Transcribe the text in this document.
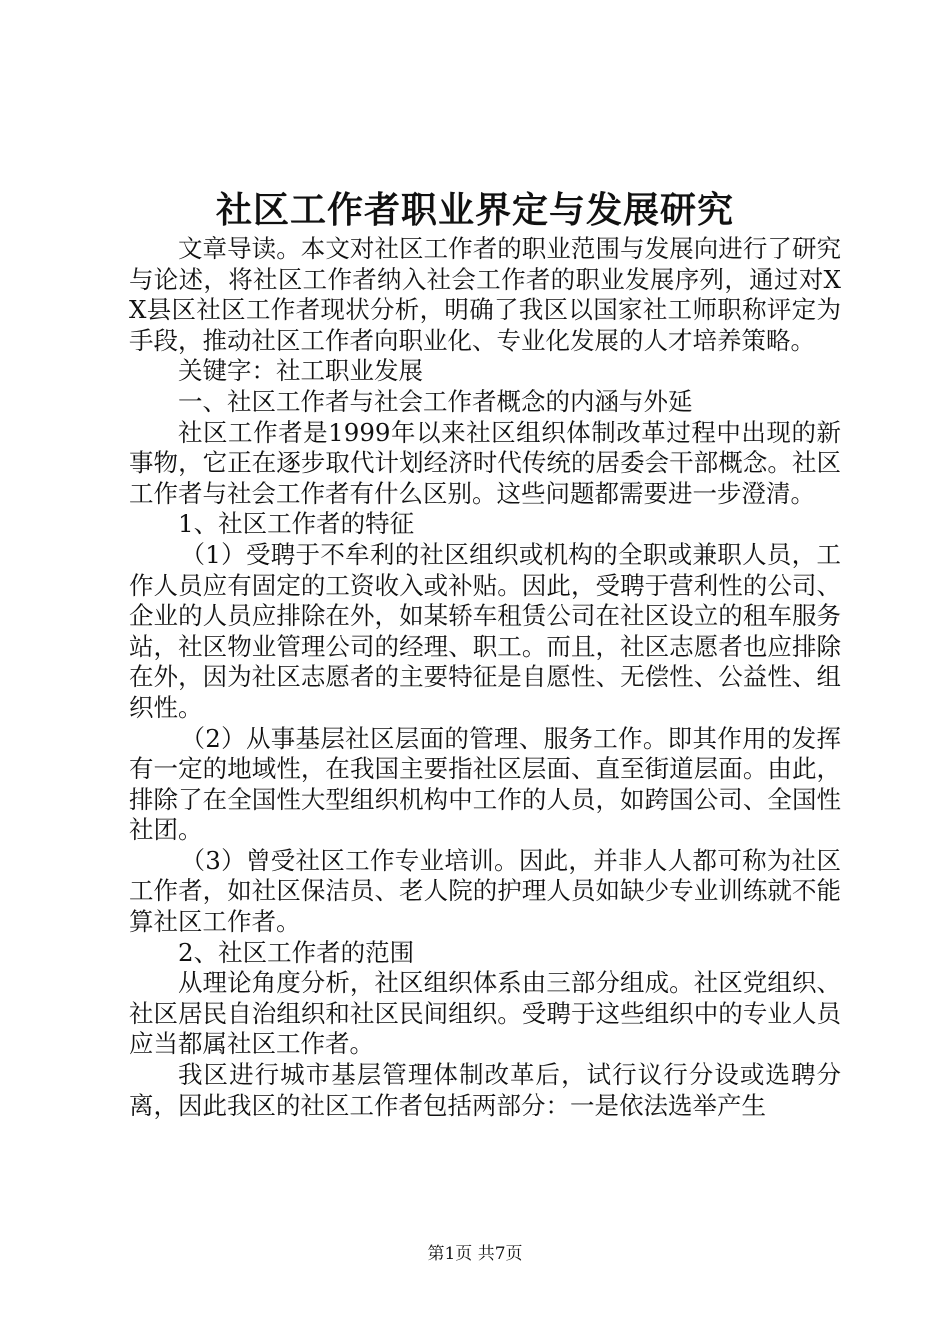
社区工作者职业界定与发展研究

文章导读。本文对社区工作者的职业范围与发展向进行了研究与论述，将社区工作者纳入社会工作者的职业发展序列，通过对XX县区社区工作者现状分析，明确了我区以国家社工师职称评定为手段，推动社区工作者向职业化、专业化发展的人才培养策略。

关键字：社工职业发展

一、社区工作者与社会工作者概念的内涵与外延

社区工作者是1999年以来社区组织体制改革过程中出现的新事物，它正在逐步取代计划经济时代传统的居委会干部概念。社区工作者与社会工作者有什么区别。这些问题都需要进一步澄清。

1、社区工作者的特征

（1）受聘于不牟利的社区组织或机构的全职或兼职人员，工作人员应有固定的工资收入或补贴。因此，受聘于营利性的公司、企业的人员应排除在外，如某轿车租赁公司在社区设立的租车服务站，社区物业管理公司的经理、职工。而且，社区志愿者也应排除在外，因为社区志愿者的主要特征是自愿性、无偿性、公益性、组织性。

（2）从事基层社区层面的管理、服务工作。即其作用的发挥有一定的地域性，在我国主要指社区层面、直至街道层面。由此，排除了在全国性大型组织机构中工作的人员，如跨国公司、全国性社团。

（3）曾受社区工作专业培训。因此，并非人人都可称为社区工作者，如社区保洁员、老人院的护理人员如缺少专业训练就不能算社区工作者。

2、社区工作者的范围

从理论角度分析，社区组织体系由三部分组成。社区党组织、社区居民自治组织和社区民间组织。受聘于这些组织中的专业人员应当都属社区工作者。

我区进行城市基层管理体制改革后，试行议行分设或选聘分离，因此我区的社区工作者包括两部分：一是依法选举产生

第1页 共7页
